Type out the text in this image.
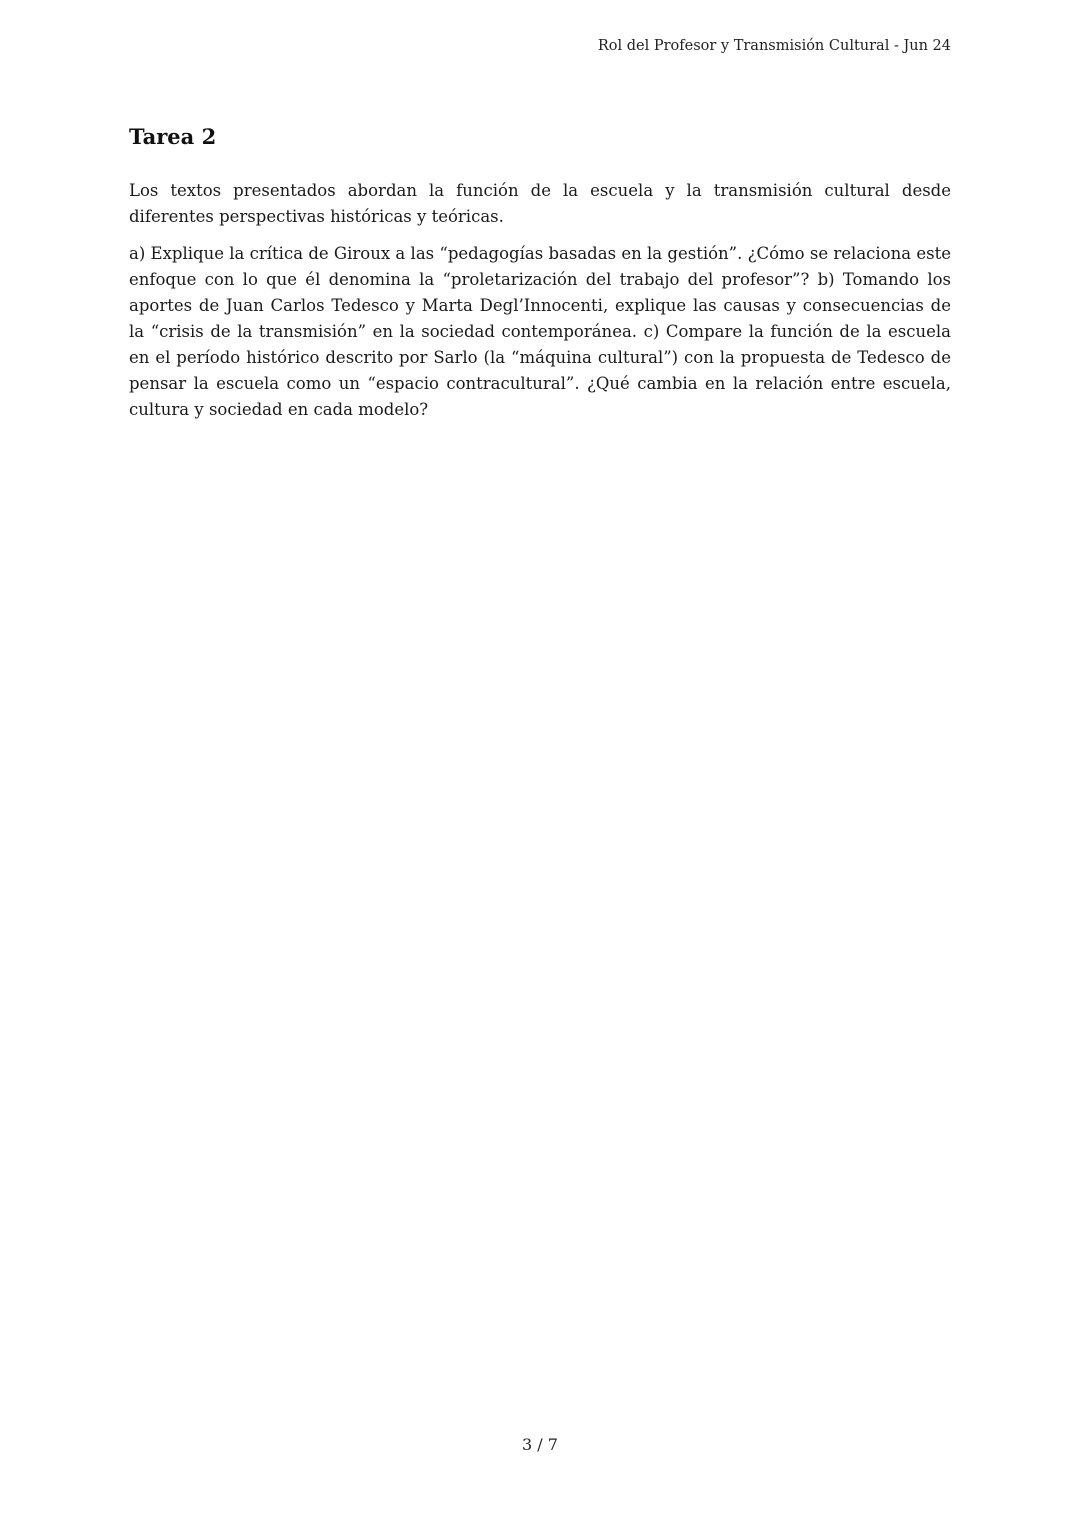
Rol del Profesor y Transmisión Cultural - Jun 24
Tarea 2

Los textos presentados abordan la función de la escuela y la transmisión cultural desde diferentes perspectivas históricas y teóricas.

a) Explique la crítica de Giroux a las “pedagogías basadas en la gestión”. ¿Cómo se relaciona este enfoque con lo que él denomina la “proletarización del trabajo del profesor”? b) Tomando los aportes de Juan Carlos Tedesco y Marta Degl’Innocenti, explique las causas y consecuencias de la “crisis de la transmisión” en la sociedad contemporánea. c) Compare la función de la escuela en el período histórico descrito por Sarlo (la “máquina cultural”) con la propuesta de Tedesco de pensar la escuela como un “espacio contracultural”. ¿Qué cambia en la relación entre escuela, cultura y sociedad en cada modelo?

3 / 7
